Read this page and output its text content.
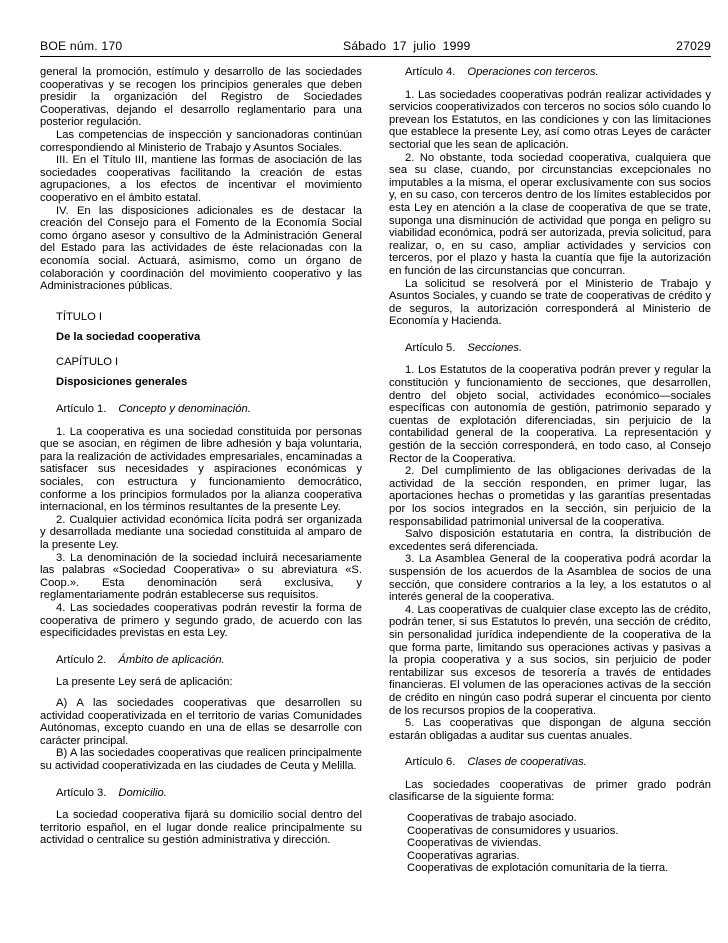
BOE núm. 170	Sábado 17 julio 1999	27029

general la promoción, estímulo y desarrollo de las sociedades cooperativas y se recogen los principios generales que deben presidir la organización del Registro de Sociedades Cooperativas, dejando el desarrollo reglamentario para una posterior regulación.

Las competencias de inspección y sancionadoras continúan correspondiendo al Ministerio de Trabajo y Asuntos Sociales.

III. En el Título III, mantiene las formas de asociación de las sociedades cooperativas facilitando la creación de estas agrupaciones, a los efectos de incentivar el movimiento cooperativo en el ámbito estatal.

IV. En las disposiciones adicionales es de destacar la creación del Consejo para el Fomento de la Economía Social como órgano asesor y consultivo de la Administración General del Estado para las actividades de éste relacionadas con la economía social. Actuará, asimismo, como un órgano de colaboración y coordinación del movimiento cooperativo y las Administraciones públicas.

TÍTULO I

De la sociedad cooperativa

CAPÍTULO I

Disposiciones generales

Artículo 1. Concepto y denominación.

1. La cooperativa es una sociedad constituida por personas que se asocian, en régimen de libre adhesión y baja voluntaria, para la realización de actividades empresariales, encaminadas a satisfacer sus necesidades y aspiraciones económicas y sociales, con estructura y funcionamiento democrático, conforme a los principios formulados por la alianza cooperativa internacional, en los términos resultantes de la presente Ley.

2. Cualquier actividad económica lícita podrá ser organizada y desarrollada mediante una sociedad constituida al amparo de la presente Ley.

3. La denominación de la sociedad incluirá necesariamente las palabras «Sociedad Cooperativa» o su abreviatura «S. Coop.». Esta denominación será exclusiva, y reglamentariamente podrán establecerse sus requisitos.

4. Las sociedades cooperativas podrán revestir la forma de cooperativa de primero y segundo grado, de acuerdo con las especificidades previstas en esta Ley.

Artículo 2. Ámbito de aplicación.

La presente Ley será de aplicación:

A) A las sociedades cooperativas que desarrollen su actividad cooperativizada en el territorio de varias Comunidades Autónomas, excepto cuando en una de ellas se desarrolle con carácter principal.

B) A las sociedades cooperativas que realicen principalmente su actividad cooperativizada en las ciudades de Ceuta y Melilla.

Artículo 3. Domicilio.

La sociedad cooperativa fijará su domicilio social dentro del territorio español, en el lugar donde realice principalmente su actividad o centralice su gestión administrativa y dirección.

Artículo 4. Operaciones con terceros.

1. Las sociedades cooperativas podrán realizar actividades y servicios cooperativizados con terceros no socios sólo cuando lo prevean los Estatutos, en las condiciones y con las limitaciones que establece la presente Ley, así como otras Leyes de carácter sectorial que les sean de aplicación.

2. No obstante, toda sociedad cooperativa, cualquiera que sea su clase, cuando, por circunstancias excepcionales no imputables a la misma, el operar exclusivamente con sus socios y, en su caso, con terceros dentro de los límites establecidos por esta Ley en atención a la clase de cooperativa de que se trate, suponga una disminución de actividad que ponga en peligro su viabilidad económica, podrá ser autorizada, previa solicitud, para realizar, o, en su caso, ampliar actividades y servicios con terceros, por el plazo y hasta la cuantía que fije la autorización en función de las circunstancias que concurran.

La solicitud se resolverá por el Ministerio de Trabajo y Asuntos Sociales, y cuando se trate de cooperativas de crédito y de seguros, la autorización corresponderá al Ministerio de Economía y Hacienda.

Artículo 5. Secciones.

1. Los Estatutos de la cooperativa podrán prever y regular la constitución y funcionamiento de secciones, que desarrollen, dentro del objeto social, actividades económico—sociales específicas con autonomía de gestión, patrimonio separado y cuentas de explotación diferenciadas, sin perjuicio de la contabilidad general de la cooperativa. La representación y gestión de la sección corresponderá, en todo caso, al Consejo Rector de la Cooperativa.

2. Del cumplimiento de las obligaciones derivadas de la actividad de la sección responden, en primer lugar, las aportaciones hechas o prometidas y las garantías presentadas por los socios integrados en la sección, sin perjuicio de la responsabilidad patrimonial universal de la cooperativa.

Salvo disposición estatutaria en contra, la distribución de excedentes será diferenciada.

3. La Asamblea General de la cooperativa podrá acordar la suspensión de los acuerdos de la Asamblea de socios de una sección, que considere contrarios a la ley, a los estatutos o al interés general de la cooperativa.

4. Las cooperativas de cualquier clase excepto las de crédito, podrán tener, si sus Estatutos lo prevén, una sección de crédito, sin personalidad jurídica independiente de la cooperativa de la que forma parte, limitando sus operaciones activas y pasivas a la propia cooperativa y a sus socios, sin perjuicio de poder rentabilizar sus excesos de tesorería a través de entidades financieras. El volumen de las operaciones activas de la sección de crédito en ningún caso podrá superar el cincuenta por ciento de los recursos propios de la cooperativa.

5. Las cooperativas que dispongan de alguna sección estarán obligadas a auditar sus cuentas anuales.

Artículo 6. Clases de cooperativas.

Las sociedades cooperativas de primer grado podrán clasificarse de la siguiente forma:

Cooperativas de trabajo asociado.
Cooperativas de consumidores y usuarios.
Cooperativas de viviendas.
Cooperativas agrarias.
Cooperativas de explotación comunitaria de la tierra.
